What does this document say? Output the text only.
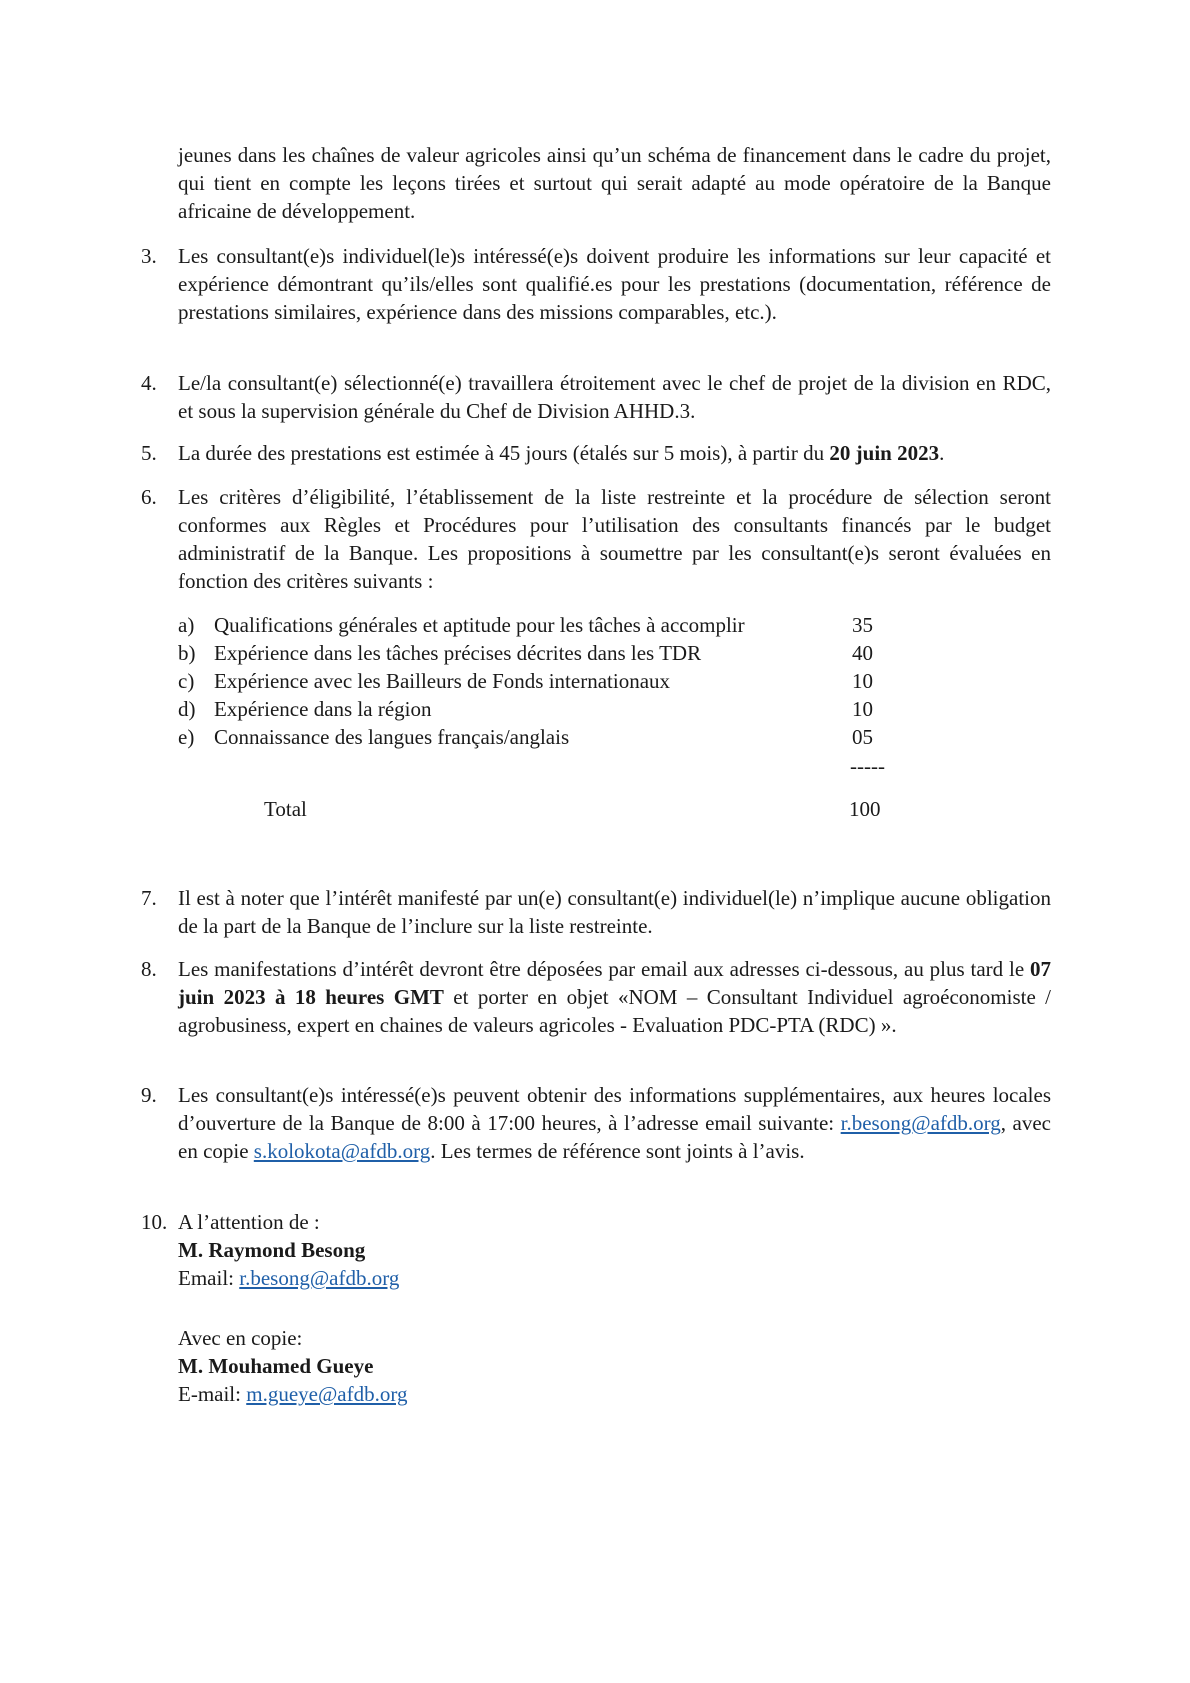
jeunes dans les chaînes de valeur agricoles ainsi qu’un schéma de financement dans le cadre du projet, qui tient en compte les leçons tirées et surtout qui serait adapté au mode opératoire de la Banque africaine de développement.
3. Les consultant(e)s individuel(le)s intéressé(e)s doivent produire les informations sur leur capacité et expérience démontrant qu’ils/elles sont qualifié.es pour les prestations (documentation, référence de prestations similaires, expérience dans des missions comparables, etc.).
4. Le/la consultant(e) sélectionné(e) travaillera étroitement avec le chef de projet de la division en RDC, et sous la supervision générale du Chef de Division AHHD.3.
5. La durée des prestations est estimée à 45 jours (étalés sur 5 mois), à partir du 20 juin 2023.
6. Les critères d’éligibilité, l’établissement de la liste restreinte et la procédure de sélection seront conformes aux Règles et Procédures pour l’utilisation des consultants financés par le budget administratif de la Banque. Les propositions à soumettre par les consultant(e)s seront évaluées en fonction des critères suivants :
a) Qualifications générales et aptitude pour les tâches à accomplir	35
b) Expérience dans les tâches précises décrites dans les TDR	40
c) Expérience avec les Bailleurs de Fonds internationaux	10
d) Expérience dans la région	10
e) Connaissance des langues français/anglais	05
-----
Total	100
7. Il est à noter que l’intérêt manifesté par un(e) consultant(e) individuel(le) n’implique aucune obligation de la part de la Banque de l’inclure sur la liste restreinte.
8. Les manifestations d’intérêt devront être déposées par email aux adresses ci-dessous, au plus tard le 07 juin 2023 à 18 heures GMT et porter en objet «NOM – Consultant Individuel agroéconomiste / agrobusiness, expert en chaines de valeurs agricoles - Evaluation PDC-PTA (RDC) ».
9. Les consultant(e)s intéressé(e)s peuvent obtenir des informations supplémentaires, aux heures locales d’ouverture de la Banque de 8:00 à 17:00 heures, à l’adresse email suivante: r.besong@afdb.org, avec en copie s.kolokota@afdb.org. Les termes de référence sont joints à l’avis.
10. A l’attention de :
M. Raymond Besong
Email: r.besong@afdb.org
Avec en copie:
M. Mouhamed Gueye
E-mail: m.gueye@afdb.org
